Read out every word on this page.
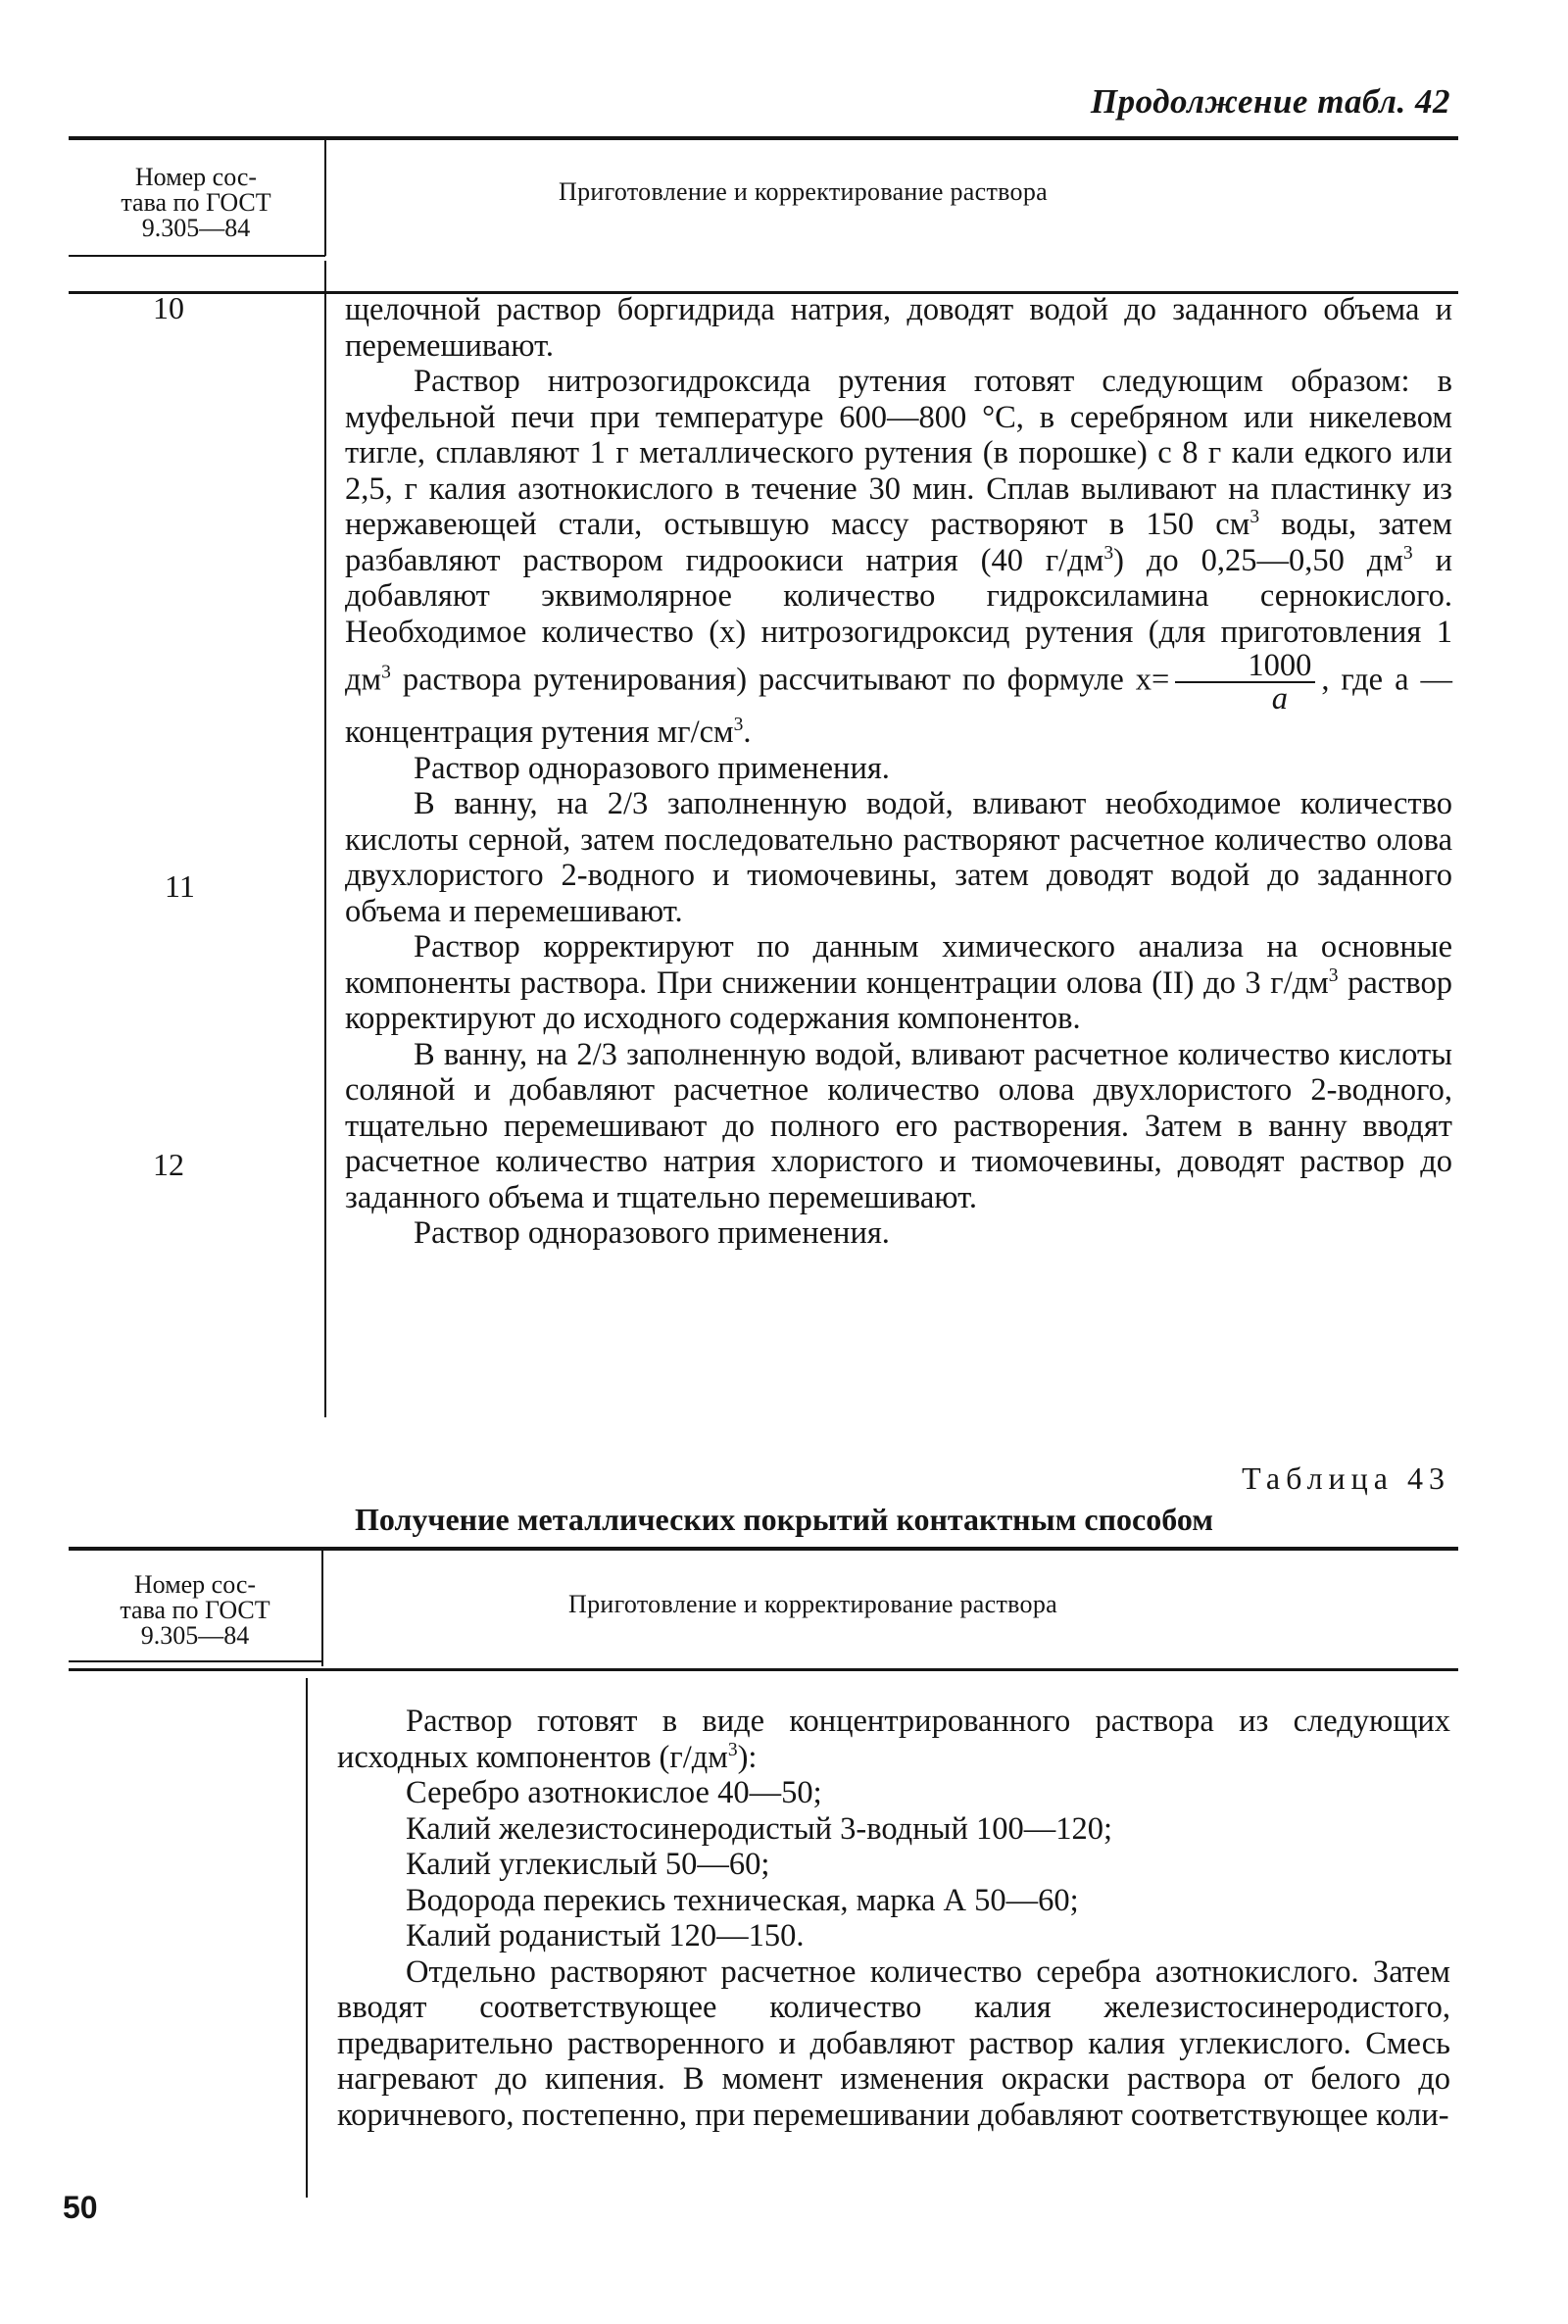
Продолжение табл. 42
Номер сос-
тава по ГОСТ
9.305—84
Приготовление и корректирование раствора
10
11
12

щелочной раствор боргидрида натрия, доводят водой до заданного объема и перемешивают.

Раствор нитрозогидроксида рутения готовят следующим образом: в муфельной печи при температуре 600—800 °С, в серебряном или никелевом тигле, сплавляют 1 г металлического рутения (в порошке) с 8 г кали едкого или 2,5, г калия азотнокислого в течение 30 мин. Сплав выливают на пластинку из нержавеющей стали, остывшую массу растворяют в 150 $см^3$ воды, затем разбавляют раствором гидроокиси натрия (40 $г/дм^3$) до 0,25—0,50 $дм^3$ и добавляют эквимолярное количество гидроксиламина сернокислого. Необходимое количество (x) нитрозогидроксид рутения (для приготовления 1 $дм^3$ раствора рутенирования) рассчитывают по формуле $x= \frac{1000}{a}$ , где a — концентрация рутения $мг/см^3$.

Раствор одноразового применения.

В ванну, на 2/3 заполненную водой, вливают необходимое количество кислоты серной, затем последовательно растворяют расчетное количество олова двухлористого 2-водного и тиомочевины, затем доводят водой до заданного объема и перемешивают.

Раствор корректируют по данным химического анализа на основные компоненты раствора. При снижении концентрации олова (II) до 3 $г/дм^3$ раствор корректируют до исходного содержания компонентов.

В ванну, на 2/3 заполненную водой, вливают расчетное количество кислоты соляной и добавляют расчетное количество олова двухлористого 2-водного, тщательно перемешивают до полного его растворения. Затем в ванну вводят расчетное количество натрия хлористого и тиомочевины, доводят раствор до заданного объема и тщательно перемешивают.

Раствор одноразового применения.

Таблица 43
Получение металлических покрытий контактным способом
Номер сос-
тава по ГОСТ
9.305—84
Приготовление и корректирование раствора

Раствор готовят в виде концентрированного раствора из следующих исходных компонентов $(г/дм^3)$:

Серебро азотнокислое 40—50;

Калий железистосинеродистый 3-водный 100—120;

Калий углекислый 50—60;

Водорода перекись техническая, марка А 50—60;

Калий роданистый 120—150.

Отдельно растворяют расчетное количество серебра азотнокислого. Затем вводят соответствующее количество калия железистосинеродистого, предварительно растворенного и добавляют раствор калия углекислого. Смесь нагревают до кипения. В момент изменения окраски раствора от белого до коричневого, постепенно, при перемешивании добавляют соответствующее коли-

50
